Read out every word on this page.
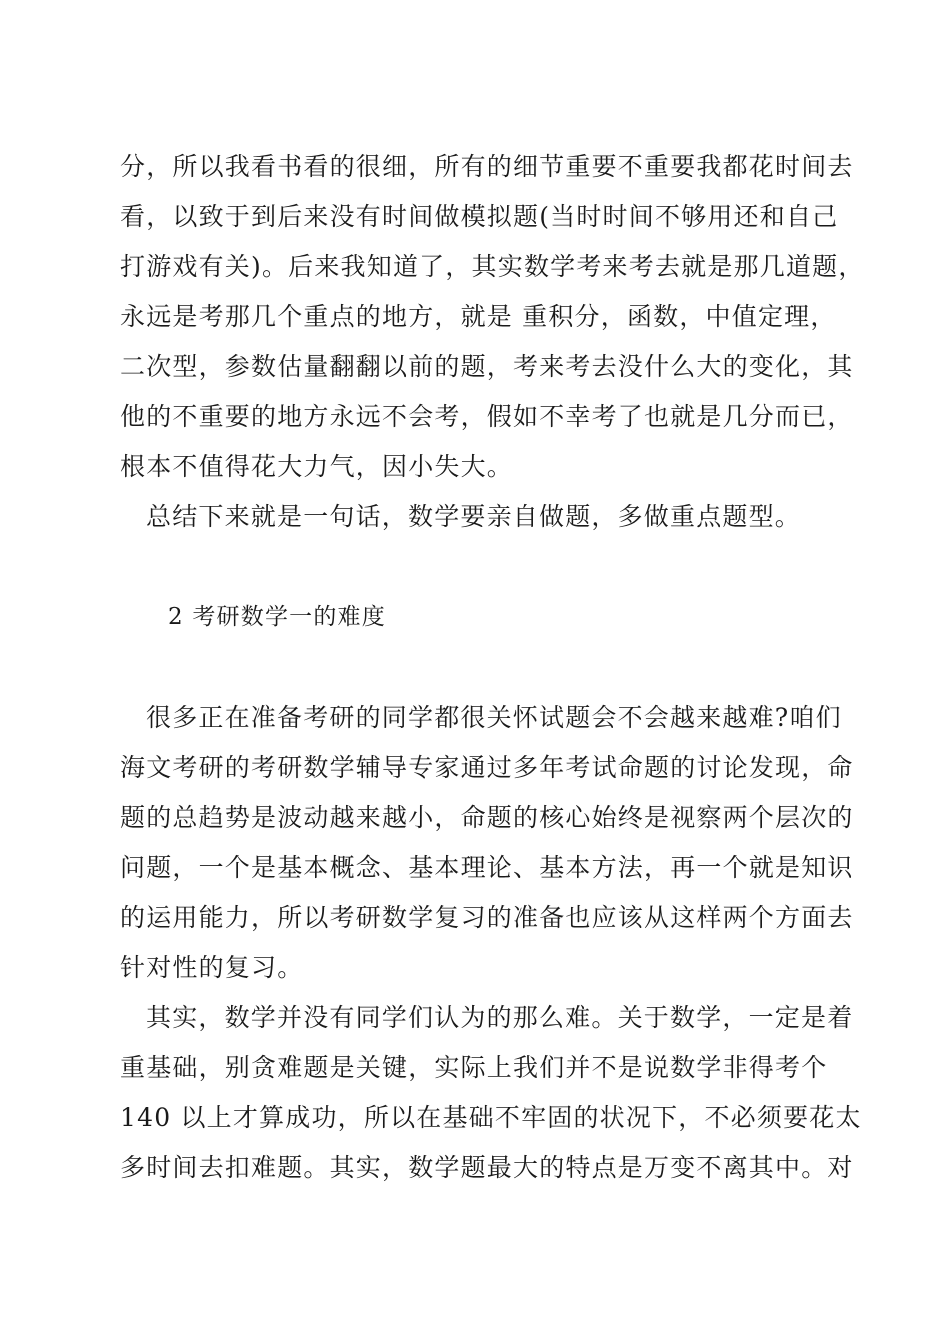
分，所以我看书看的很细，所有的细节重要不重要我都花时间去
看，以致于到后来没有时间做模拟题(当时时间不够用还和自己
打游戏有关)。后来我知道了，其实数学考来考去就是那几道题，
永远是考那几个重点的地方，就是 重积分，函数，中值定理，
二次型，参数估量翻翻以前的题，考来考去没什么大的变化，其
他的不重要的地方永远不会考，假如不幸考了也就是几分而已，
根本不值得花大力气，因小失大。
总结下来就是一句话，数学要亲自做题，多做重点题型。
2 考研数学一的难度
很多正在准备考研的同学都很关怀试题会不会越来越难?咱们
海文考研的考研数学辅导专家通过多年考试命题的讨论发现，命
题的总趋势是波动越来越小，命题的核心始终是视察两个层次的
问题，一个是基本概念、基本理论、基本方法，再一个就是知识
的运用能力，所以考研数学复习的准备也应该从这样两个方面去
针对性的复习。
其实，数学并没有同学们认为的那么难。关于数学，一定是着
重基础，别贪难题是关键，实际上我们并不是说数学非得考个
140 以上才算成功，所以在基础不牢固的状况下，不必须要花太
多时间去扣难题。其实，数学题最大的特点是万变不离其中。对
